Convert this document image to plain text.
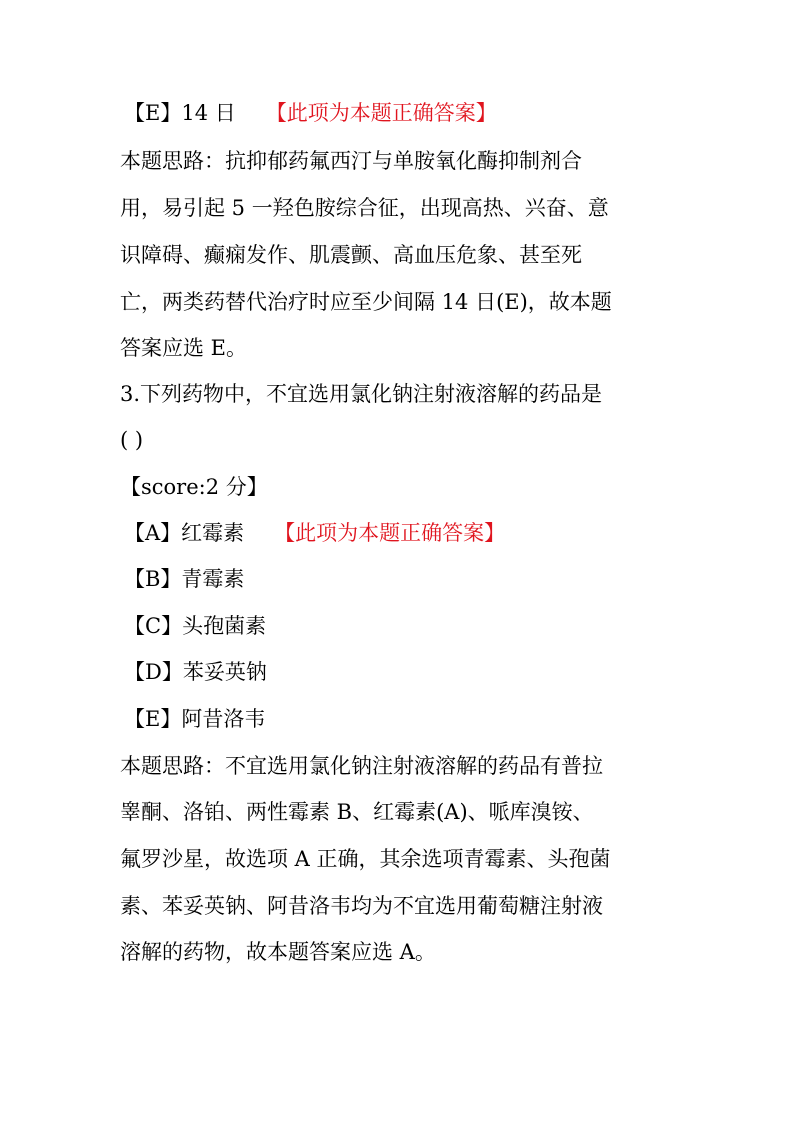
【E】14 日 【此项为本题正确答案】
本题思路：抗抑郁药氟西汀与单胺氧化酶抑制剂合
用，易引起 5 一羟色胺综合征，出现高热、兴奋、意
识障碍、癫痫发作、肌震颤、高血压危象、甚至死
亡，两类药替代治疗时应至少间隔 14 日(E)，故本题
答案应选 E。
3.下列药物中，不宜选用氯化钠注射液溶解的药品是
( )
【score:2 分】
【A】红霉素 【此项为本题正确答案】
【B】青霉素
【C】头孢菌素
【D】苯妥英钠
【E】阿昔洛韦
本题思路：不宜选用氯化钠注射液溶解的药品有普拉
睾酮、洛铂、两性霉素 B、红霉素(A)、哌库溴铵、
氟罗沙星，故选项 A 正确，其余选项青霉素、头孢菌
素、苯妥英钠、阿昔洛韦均为不宜选用葡萄糖注射液
溶解的药物，故本题答案应选 A。
